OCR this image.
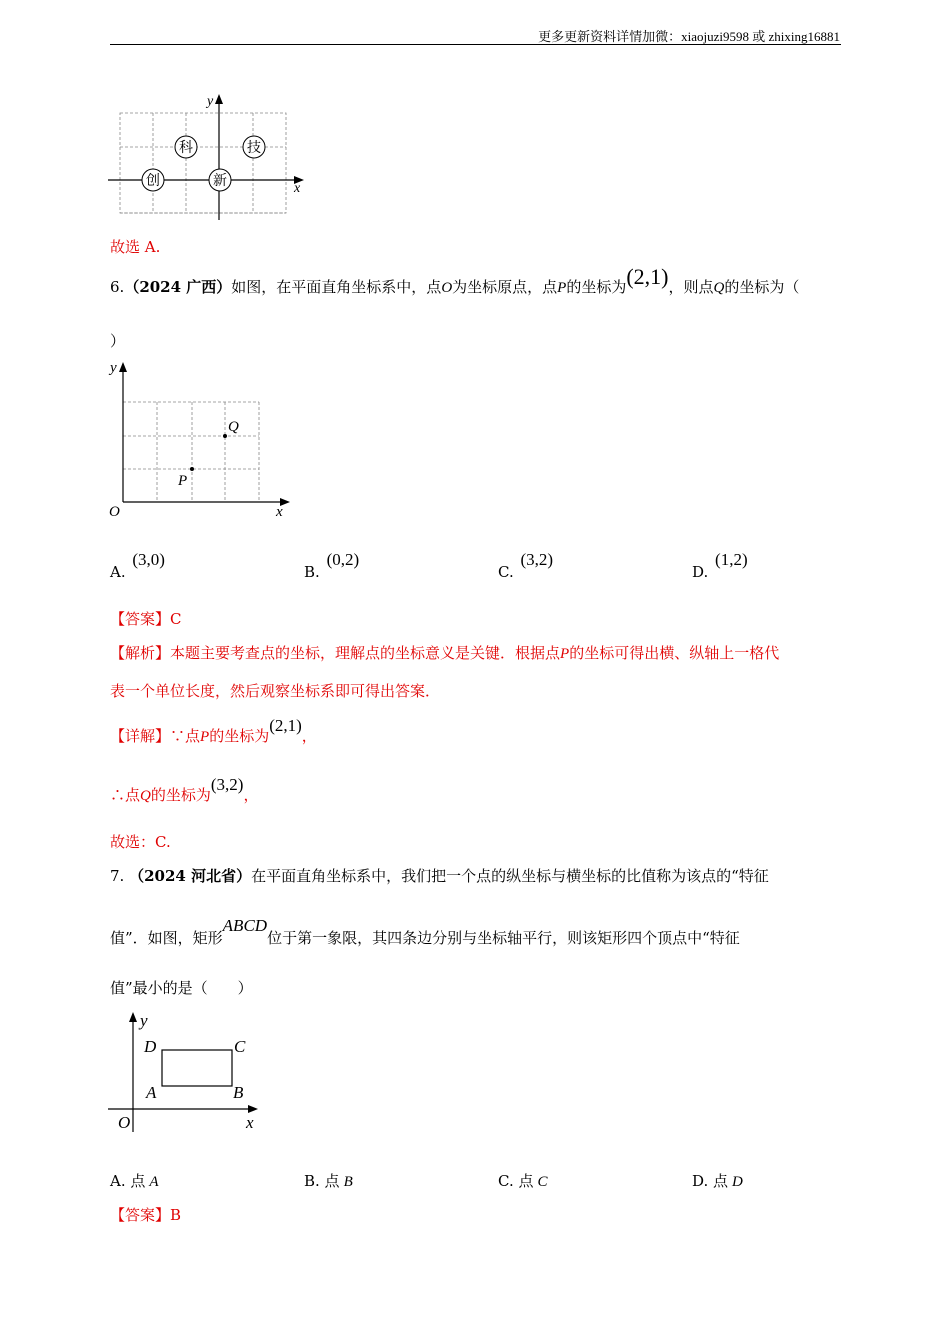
更多更新资料详情加微：xiaojuzi9598 或 zhixing16881
x
y
科	技
创	新
故选 A.
6.（2024 广西）如图，在平面直角坐标系中，点O为坐标原点，点P的坐标为(2,1)，则点Q的坐标为（
）
O
P
Q
x
y
A. (3,0)
B. (0,2)
C. (3,2)
D. (1,2)
【答案】C
【解析】本题主要考查点的坐标，理解点的坐标意义是关键．根据点P的坐标可得出横、纵轴上一格代
表一个单位长度，然后观察坐标系即可得出答案．
【详解】∵点P的坐标为(2,1)，
∴点Q的坐标为(3,2)，
故选：C.
7. （2024 河北省）在平面直角坐标系中，我们把一个点的纵坐标与横坐标的比值称为该点的“特征
值”．如图，矩形ABCD位于第一象限，其四条边分别与坐标轴平行，则该矩形四个顶点中“特征
值”最小的是（　　）
D	C
A	B
O	x
y
A. 点 A	B. 点 B	C. 点 C	D. 点 D
【答案】B
